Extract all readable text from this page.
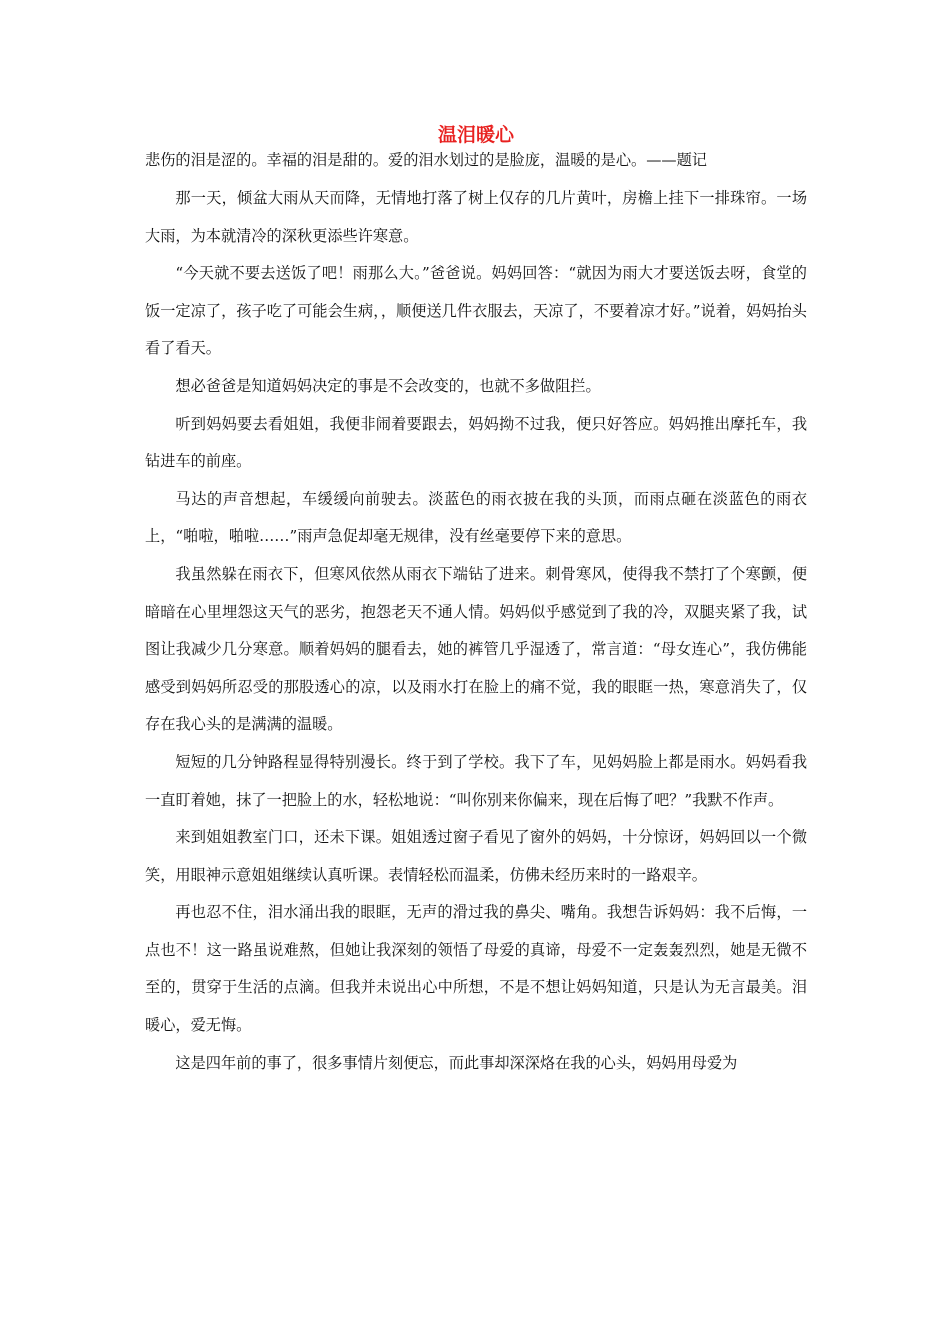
温泪暖心

悲伤的泪是涩的。幸福的泪是甜的。爱的泪水划过的是脸庞，温暖的是心。——题记

那一天，倾盆大雨从天而降，无情地打落了树上仅存的几片黄叶，房檐上挂下一排珠帘。一场大雨，为本就清冷的深秋更添些许寒意。

“今天就不要去送饭了吧！雨那么大。”爸爸说。妈妈回答：“就因为雨大才要送饭去呀，食堂的饭一定凉了，孩子吃了可能会生病，，顺便送几件衣服去，天凉了，不要着凉才好。”说着，妈妈抬头看了看天。

想必爸爸是知道妈妈决定的事是不会改变的，也就不多做阻拦。

听到妈妈要去看姐姐，我便非闹着要跟去，妈妈拗不过我，便只好答应。妈妈推出摩托车，我钻进车的前座。

马达的声音想起，车缓缓向前驶去。淡蓝色的雨衣披在我的头顶，而雨点砸在淡蓝色的雨衣上，“啪啦，啪啦……”雨声急促却毫无规律，没有丝毫要停下来的意思。

我虽然躲在雨衣下，但寒风依然从雨衣下端钻了进来。刺骨寒风，使得我不禁打了个寒颤，便暗暗在心里埋怨这天气的恶劣，抱怨老天不通人情。妈妈似乎感觉到了我的冷，双腿夹紧了我，试图让我减少几分寒意。顺着妈妈的腿看去，她的裤管几乎湿透了，常言道：“母女连心”，我仿佛能感受到妈妈所忍受的那股透心的凉，以及雨水打在脸上的痛不觉，我的眼眶一热，寒意消失了，仅存在我心头的是满满的温暖。

短短的几分钟路程显得特别漫长。终于到了学校。我下了车，见妈妈脸上都是雨水。妈妈看我一直盯着她，抹了一把脸上的水，轻松地说：“叫你别来你偏来，现在后悔了吧？”我默不作声。

来到姐姐教室门口，还未下课。姐姐透过窗子看见了窗外的妈妈，十分惊讶，妈妈回以一个微笑，用眼神示意姐姐继续认真听课。表情轻松而温柔，仿佛未经历来时的一路艰辛。

再也忍不住，泪水涌出我的眼眶，无声的滑过我的鼻尖、嘴角。我想告诉妈妈：我不后悔，一点也不！这一路虽说难熬，但她让我深刻的领悟了母爱的真谛，母爱不一定轰轰烈烈，她是无微不至的，贯穿于生活的点滴。但我并未说出心中所想，不是不想让妈妈知道，只是认为无言最美。泪暖心，爱无悔。

这是四年前的事了，很多事情片刻便忘，而此事却深深烙在我的心头，妈妈用母爱为
